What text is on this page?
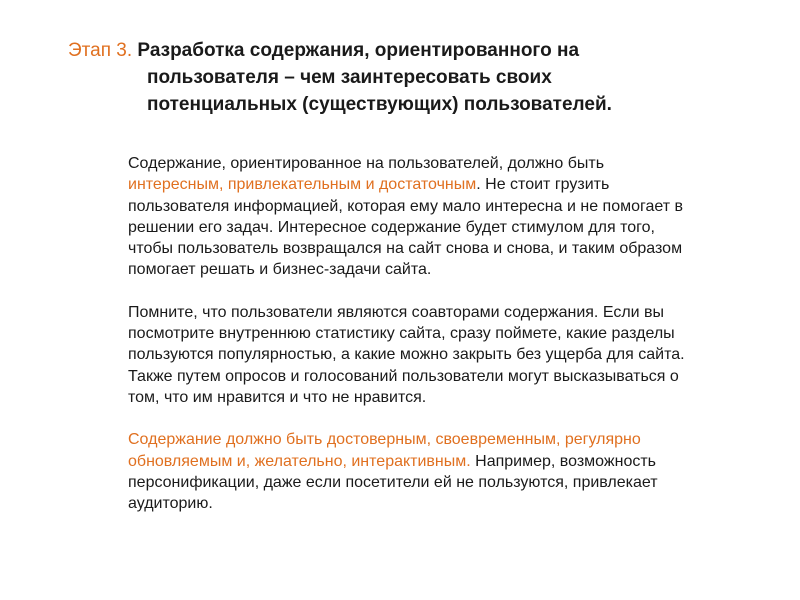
Этап 3. Разработка содержания, ориентированного на
пользователя – чем заинтересовать своих
потенциальных (существующих) пользователей.
Содержание, ориентированное на пользователей, должно быть
интересным, привлекательным и достаточным. Не стоит грузить
пользователя информацией, которая ему мало интересна и не помогает в
решении его задач. Интересное содержание будет стимулом для того,
чтобы пользователь возвращался на сайт снова и снова, и таким образом
помогает решать и бизнес-задачи сайта.
Помните, что пользователи являются соавторами содержания. Если вы
посмотрите внутреннюю статистику сайта, сразу поймете, какие разделы
пользуются популярностью, а какие можно закрыть без ущерба для сайта.
Также путем опросов и голосований пользователи могут высказываться о
том, что им нравится и что не нравится.
Содержание должно быть достоверным, своевременным, регулярно
обновляемым и, желательно, интерактивным. Например, возможность
персонификации, даже если посетители ей не пользуются, привлекает
аудиторию.
